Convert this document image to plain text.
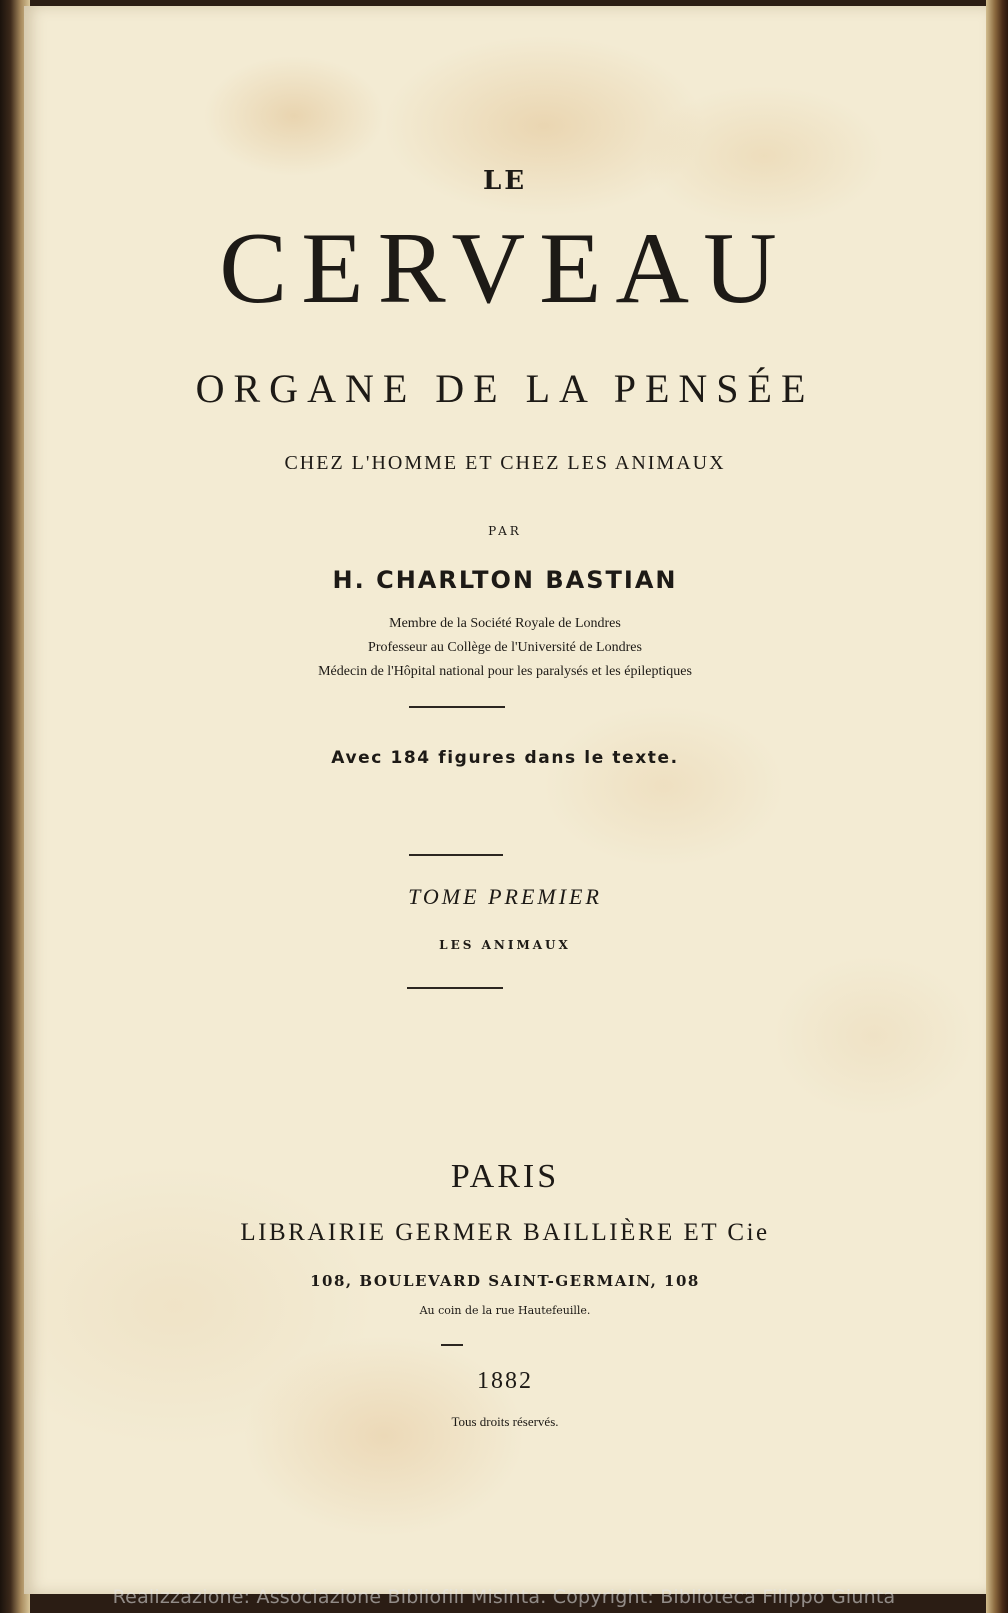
LE
CERVEAU
ORGANE DE LA PENSÉE
CHEZ L'HOMME ET CHEZ LES ANIMAUX
PAR
H. CHARLTON BASTIAN
Membre de la Société Royale de Londres
Professeur au Collège de l'Université de Londres
Médecin de l'Hôpital national pour les paralysés et les épileptiques
Avec 184 figures dans le texte.
TOME PREMIER
LES ANIMAUX
PARIS
LIBRAIRIE GERMER BAILLIÈRE ET Cie
108, BOULEVARD SAINT-GERMAIN, 108
Au coin de la rue Hautefeuille.
1882
Tous droits réservés.
Realizzazione: Associazione Bibliofili Misinta. Copyright: Biblioteca Filippo Giunta
